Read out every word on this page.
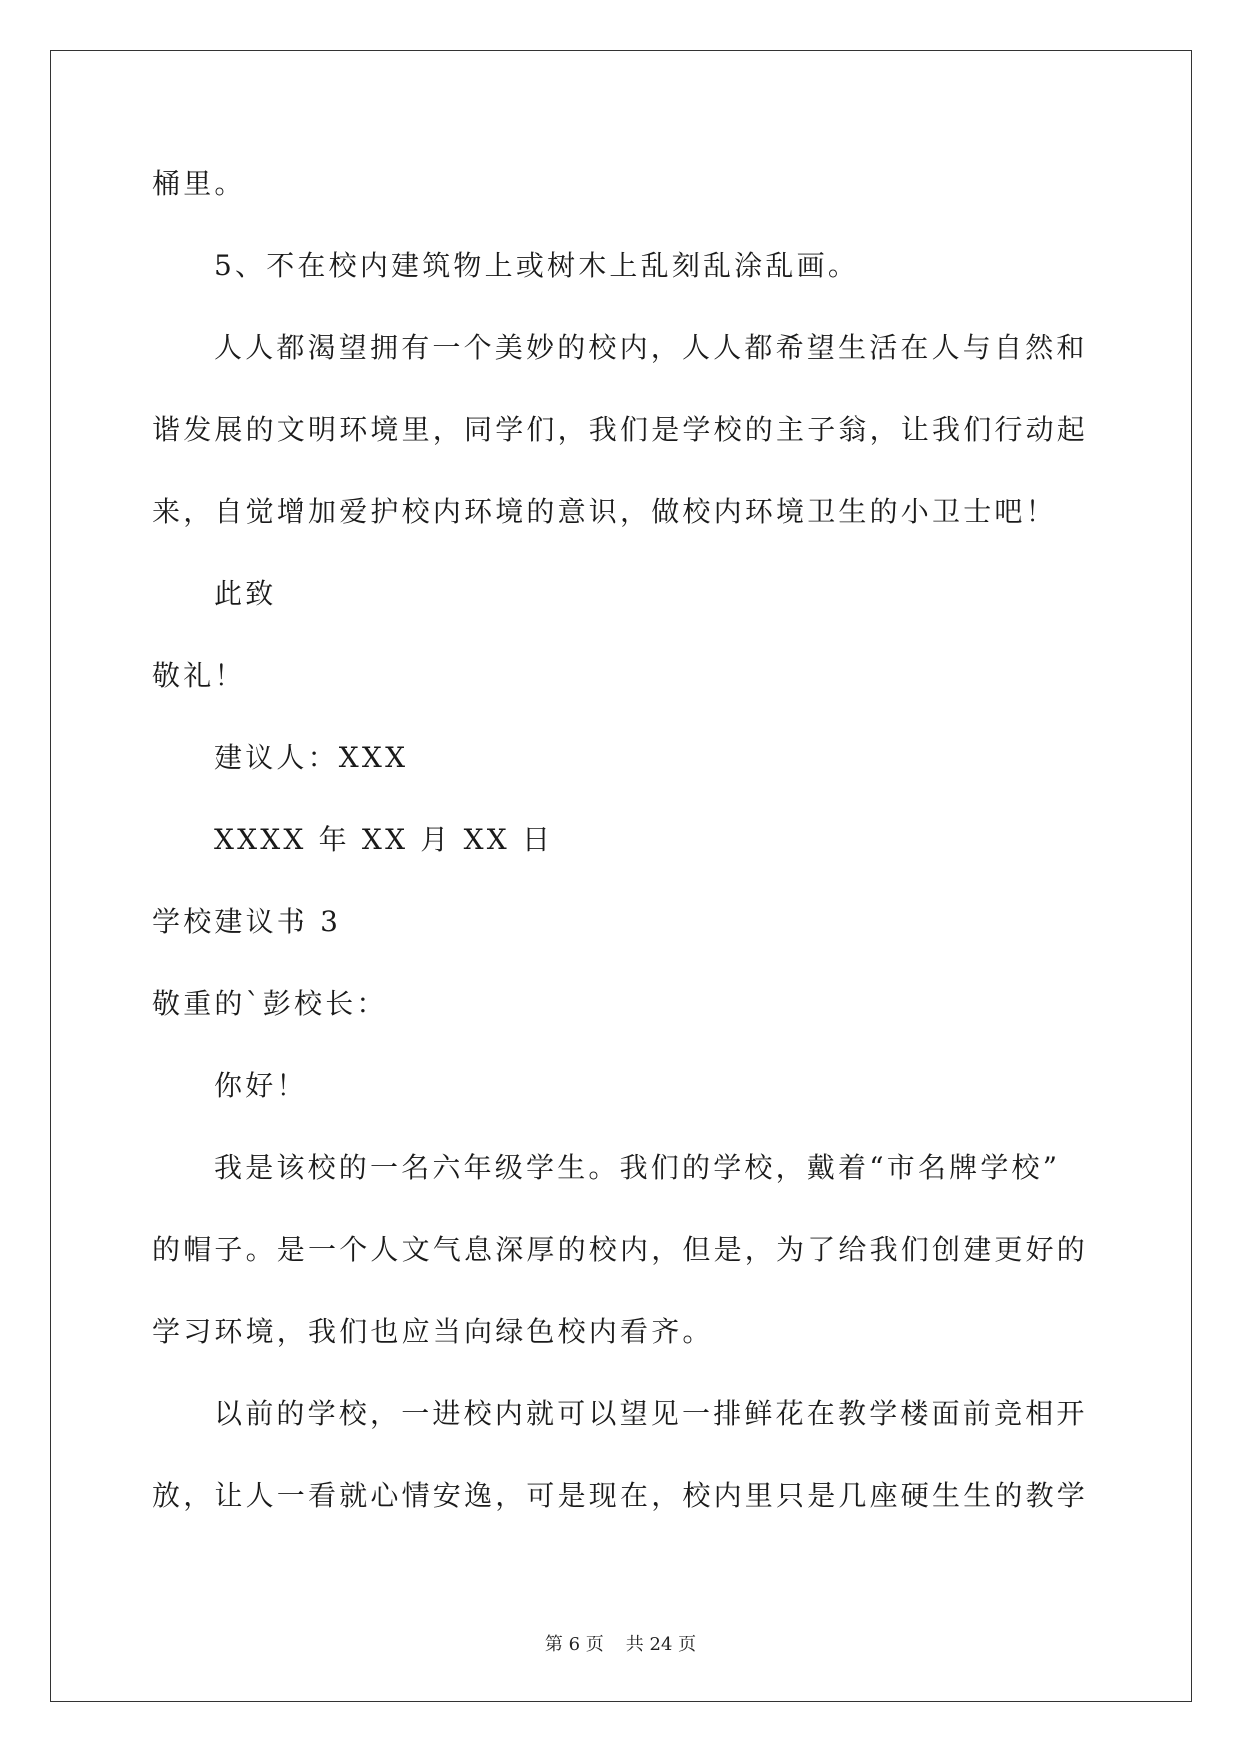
桶里。
5、不在校内建筑物上或树木上乱刻乱涂乱画。
人人都渴望拥有一个美妙的校内，人人都希望生活在人与自然和
谐发展的文明环境里，同学们，我们是学校的主子翁，让我们行动起
来，自觉增加爱护校内环境的意识，做校内环境卫生的小卫士吧！
此致
敬礼！
建议人：XXX
XXXX 年 XX 月 XX 日
学校建议书 3
敬重的`彭校长：
你好！
我是该校的一名六年级学生。我们的学校，戴着“市名牌学校”
的帽子。是一个人文气息深厚的校内，但是，为了给我们创建更好的
学习环境，我们也应当向绿色校内看齐。
以前的学校，一进校内就可以望见一排鲜花在教学楼面前竞相开
放，让人一看就心情安逸，可是现在，校内里只是几座硬生生的教学
第 6 页 共 24 页
